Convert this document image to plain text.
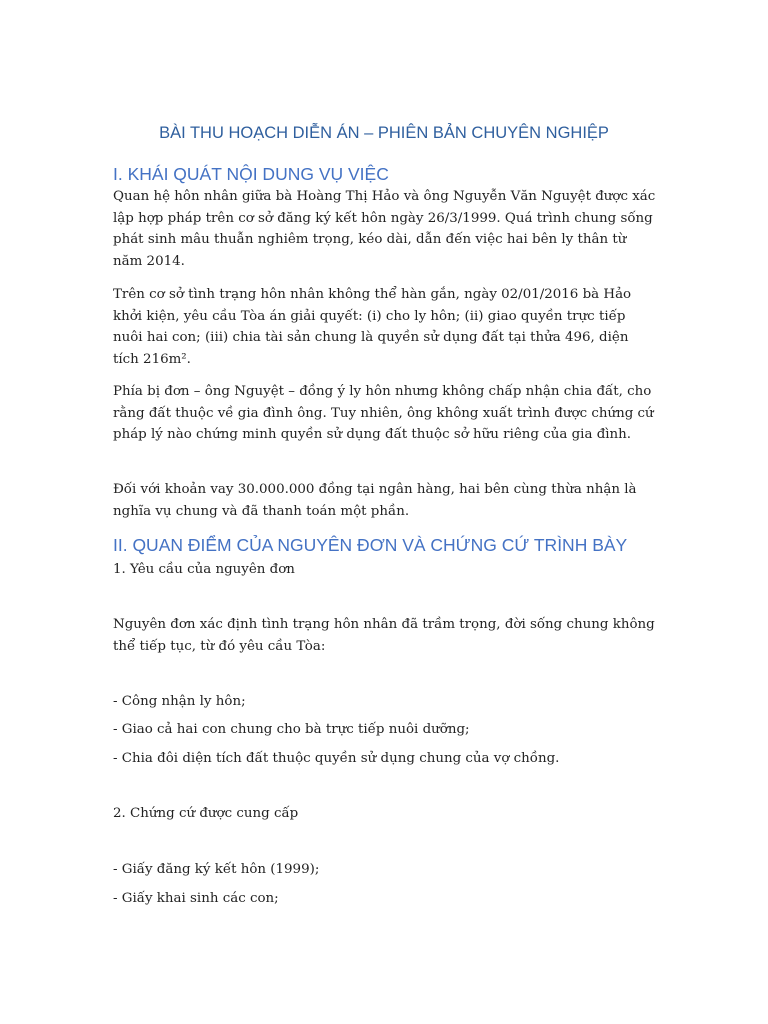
BÀI THU HOẠCH DIỄN ÁN – PHIÊN BẢN CHUYÊN NGHIỆP
I. KHÁI QUÁT NỘI DUNG VỤ VIỆC

Quan hệ hôn nhân giữa bà Hoàng Thị Hảo và ông Nguyễn Văn Nguyệt được xác lập hợp pháp trên cơ sở đăng ký kết hôn ngày 26/3/1999. Quá trình chung sống phát sinh mâu thuẫn nghiêm trọng, kéo dài, dẫn đến việc hai bên ly thân từ năm 2014.

Trên cơ sở tình trạng hôn nhân không thể hàn gắn, ngày 02/01/2016 bà Hảo khởi kiện, yêu cầu Tòa án giải quyết: (i) cho ly hôn; (ii) giao quyền trực tiếp nuôi hai con; (iii) chia tài sản chung là quyền sử dụng đất tại thửa 496, diện tích 216m².

Phía bị đơn – ông Nguyệt – đồng ý ly hôn nhưng không chấp nhận chia đất, cho rằng đất thuộc về gia đình ông. Tuy nhiên, ông không xuất trình được chứng cứ pháp lý nào chứng minh quyền sử dụng đất thuộc sở hữu riêng của gia đình.

Đối với khoản vay 30.000.000 đồng tại ngân hàng, hai bên cùng thừa nhận là nghĩa vụ chung và đã thanh toán một phần.

II. QUAN ĐIỂM CỦA NGUYÊN ĐƠN VÀ CHỨNG CỨ TRÌNH BÀY

1. Yêu cầu của nguyên đơn

Nguyên đơn xác định tình trạng hôn nhân đã trầm trọng, đời sống chung không thể tiếp tục, từ đó yêu cầu Tòa:

- Công nhận ly hôn;

- Giao cả hai con chung cho bà trực tiếp nuôi dưỡng;

- Chia đôi diện tích đất thuộc quyền sử dụng chung của vợ chồng.

2. Chứng cứ được cung cấp

- Giấy đăng ký kết hôn (1999);

- Giấy khai sinh các con;
